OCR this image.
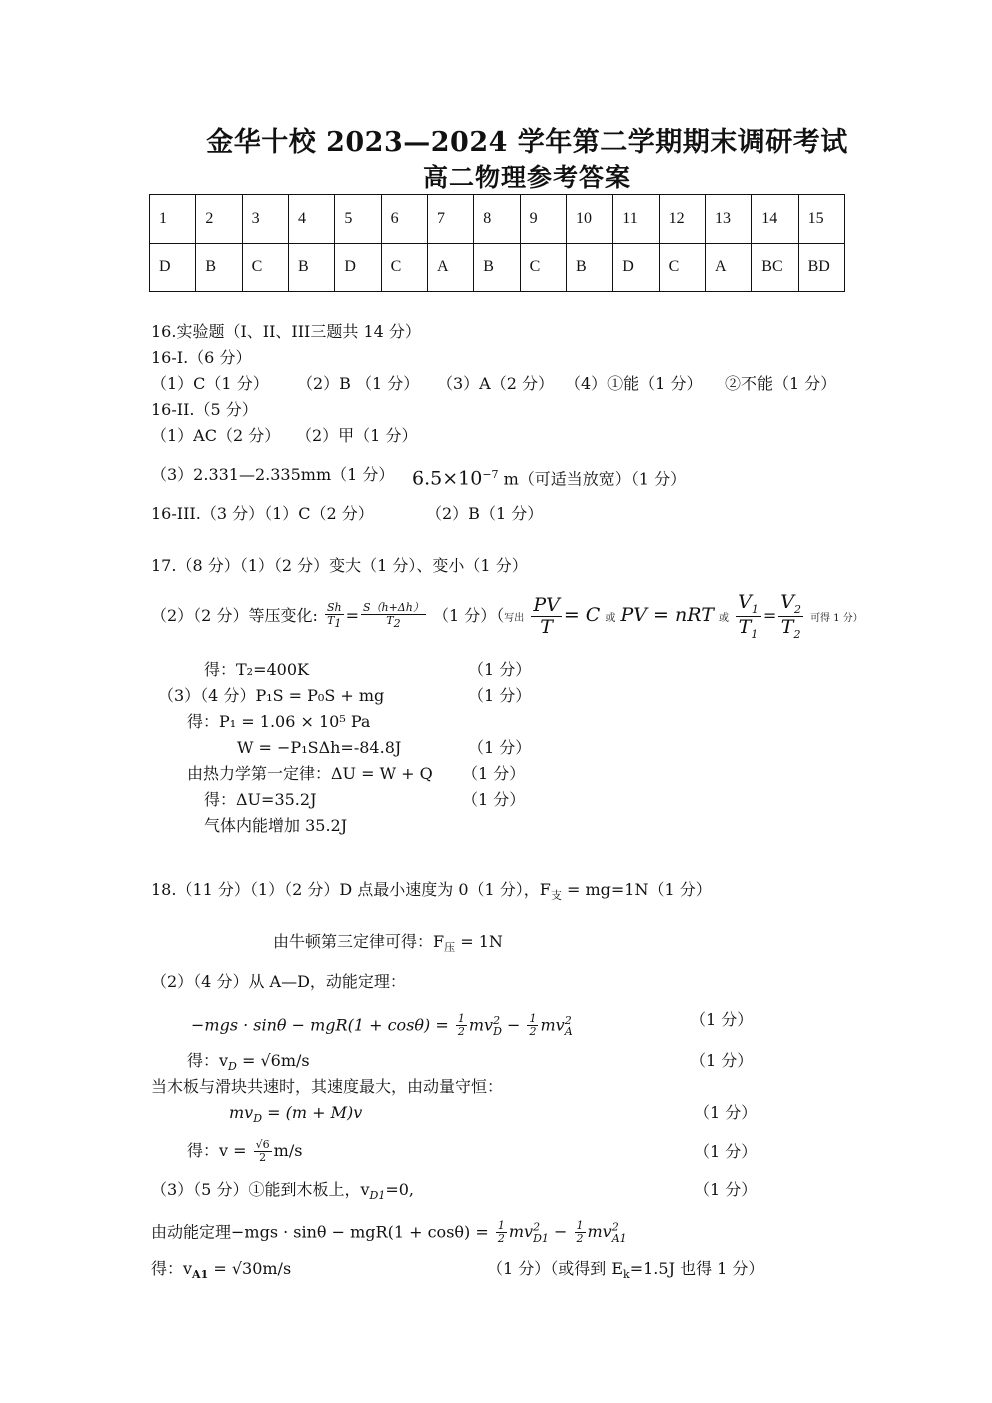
金华十校 2023—2024 学年第二学期期末调研考试
高二物理参考答案
1	2	3	4	5	6	7	8	9	10	11	12	13	14	15
D	B	C	B	D	C	A	B	C	B	D	C	A	BC	BD
16.实验题（I、II、III三题共 14 分）
16-I.（6 分）
（1）C（1 分） （2）B （1 分） （3）A（2 分） （4）①能（1 分） ②不能（1 分）
16-II.（5 分）
（1）AC（2 分） （2）甲（1 分）
（3）2.331—2.335mm（1 分） $6.5\times 10^{-7}$ m（可适当放宽）（1 分）
16-III.（3 分）（1）C（2 分）	（2）B（1 分）
17.（8 分）（1）（2 分）变大（1 分）、变小（1 分）
（2）（2 分）等压变化: $\frac{Sh}{T_1} = \frac{S(h+\Delta h)}{T_2} (1$ 分）（写出 $\frac{PV}{T} = C$ 或 PV = nRT 或 $\frac{V_1}{T_1} = \frac{V_2}{T_2}$ 可得 1 分）
得：T₂=400K	（1 分）
（3）（4 分）P₁S = P₀S + mg	（1 分）
得：P₁ = 1.06 × 10⁵ Pa
W = −P₁SΔh=-84.8J	（1 分）
由热力学第一定律：ΔU = W + Q （1 分）
得：ΔU=35.2J	（1 分）
气体内能增加 35.2J
18.（11 分）（1）（2 分）D 点最小速度为 0（1 分），$F_支 = mg=1N(1$ 分）
由牛顿第三定律可得：$F_压 = 1N$
（2）（4 分）从 A—D，动能定理：
$-mgs \cdot \sin\theta - mgR(1 + \cos\theta) = \frac{1}{2} mv^2_D - \frac{1}{2} mv^2_A$
（1 分）
得：$v_D = √6m/s$	（1 分）
当木板与滑块共速时，其速度最大，由动量守恒：
$mv_D = (m + M)v$	（1 分）
得：$v = \frac{√6}{2} m/s$	（1 分）
（3）（5 分）①能到木板上，$v_{D1}=0$,	（1 分）
由动能定理$-mgs \cdot \sin\theta - mgR(1 + \cos\theta) = \frac{1}{2} mv^2_{D1} - \frac{1}{2} mv^2_{A1}$
得：$v_{A1} = √30m/s$	（1 分）（或得到 $E_k=1.5J$ 也得 1 分）
